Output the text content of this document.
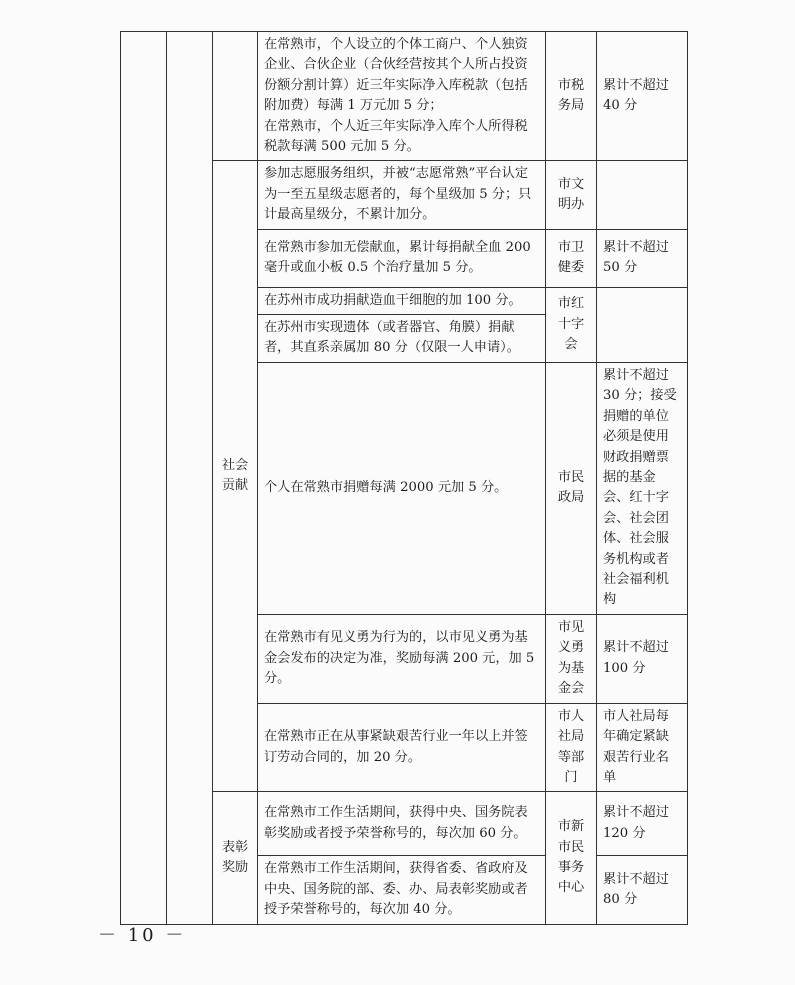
			在常熟市，个人设立的个体工商户、个人独资企业、合伙企业（合伙经营按其个人所占投资份额分割计算）近三年实际净入库税款（包括附加费）每满 1 万元加 5 分；
在常熟市，个人近三年实际净入库个人所得税税款每满 500 元加 5 分。	市税务局	累计不超过 40 分
		社会贡献	参加志愿服务组织，并被“志愿常熟”平台认定为一至五星级志愿者的，每个星级加 5 分；只计最高星级分，不累计加分。	市文明办	
			在常熟市参加无偿献血，累计每捐献全血 200 毫升或血小板 0.5 个治疗量加 5 分。	市卫健委	累计不超过 50 分
			在苏州市成功捐献造血干细胞的加 100 分。	市红十字会	
			在苏州市实现遗体（或者器官、角膜）捐献者，其直系亲属加 80 分（仅限一人申请）。		
			个人在常熟市捐赠每满 2000 元加 5 分。	市民政局	累计不超过 30 分；接受捐赠的单位必须是使用财政捐赠票据的基金会、红十字会、社会团体、社会服务机构或者社会福利机构
			在常熟市有见义勇为行为的，以市见义勇为基金会发布的决定为准，奖励每满 200 元，加 5 分。	市见义勇为基金会	累计不超过 100 分
			在常熟市正在从事紧缺艰苦行业一年以上并签订劳动合同的，加 20 分。	市人社局等部门	市人社局每年确定紧缺艰苦行业名单
		表彰奖励	在常熟市工作生活期间，获得中央、国务院表彰奖励或者授予荣誉称号的，每次加 60 分。	市新市民事务中心	累计不超过 120 分
			在常熟市工作生活期间，获得省委、省政府及中央、国务院的部、委、办、局表彰奖励或者授予荣誉称号的，每次加 40 分。		累计不超过 80 分
－ 10 －
